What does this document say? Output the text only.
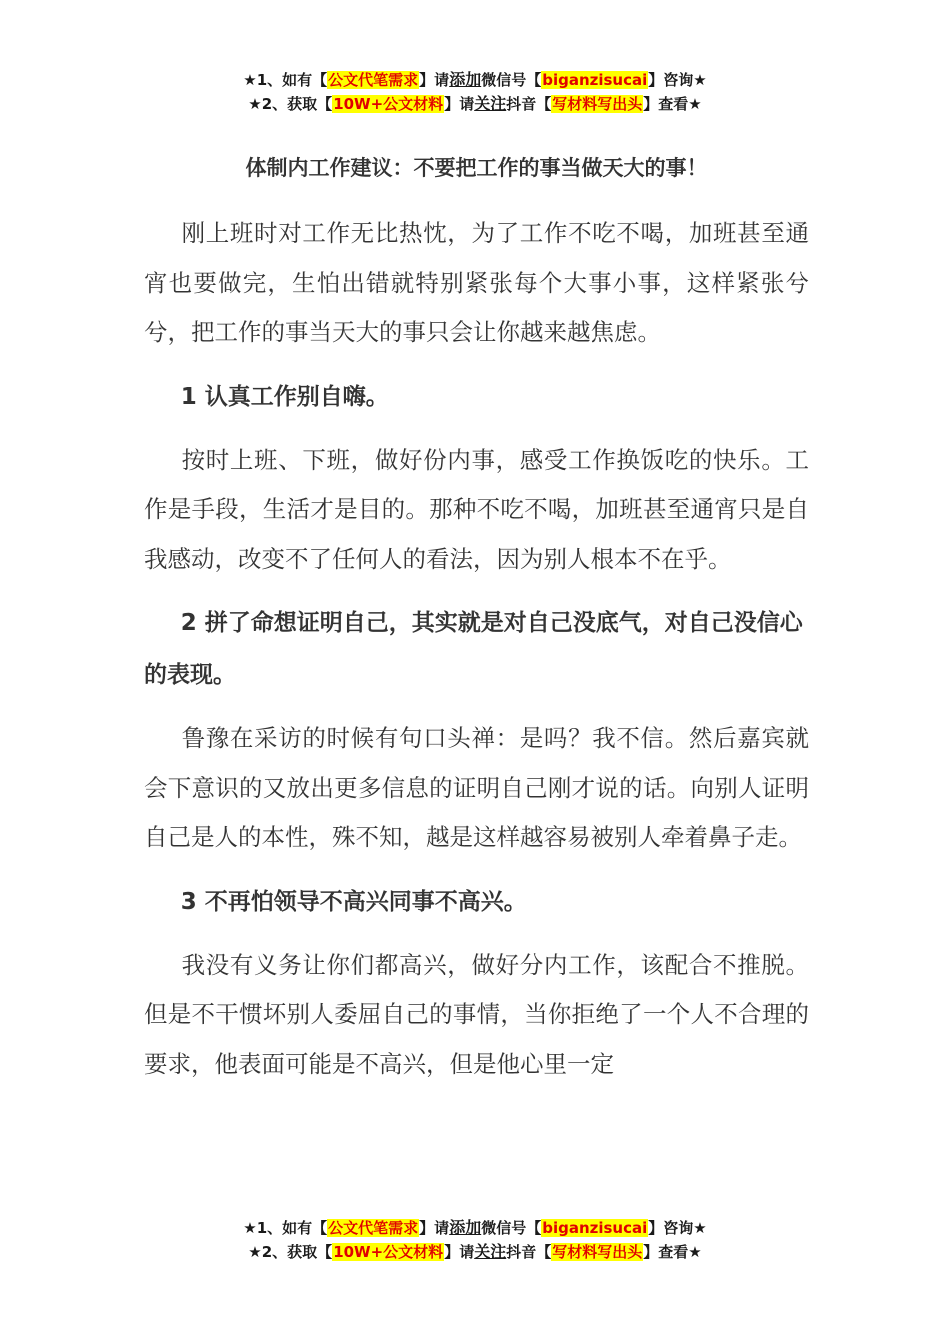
★1、如有【公文代笔需求】请添加微信号【biganzisucai】咨询★
★2、获取【10W+公文材料】请关注抖音【写材料写出头】查看★
体制内工作建议：不要把工作的事当做天大的事！

刚上班时对工作无比热忱，为了工作不吃不喝，加班甚至通宵也要做完，生怕出错就特别紧张每个大事小事，这样紧张兮兮，把工作的事当天大的事只会让你越来越焦虑。

1 认真工作别自嗨。

按时上班、下班，做好份内事，感受工作换饭吃的快乐。工作是手段，生活才是目的。那种不吃不喝，加班甚至通宵只是自我感动，改变不了任何人的看法，因为别人根本不在乎。

2 拼了命想证明自己，其实就是对自己没底气，对自己没信心的表现。

鲁豫在采访的时候有句口头禅：是吗？我不信。然后嘉宾就会下意识的又放出更多信息的证明自己刚才说的话。向别人证明自己是人的本性，殊不知，越是这样越容易被别人牵着鼻子走。

3 不再怕领导不高兴同事不高兴。

我没有义务让你们都高兴，做好分内工作，该配合不推脱。但是不干惯坏别人委屈自己的事情，当你拒绝了一个人不合理的要求，他表面可能是不高兴，但是他心里一定

★1、如有【公文代笔需求】请添加微信号【biganzisucai】咨询★
★2、获取【10W+公文材料】请关注抖音【写材料写出头】查看★
